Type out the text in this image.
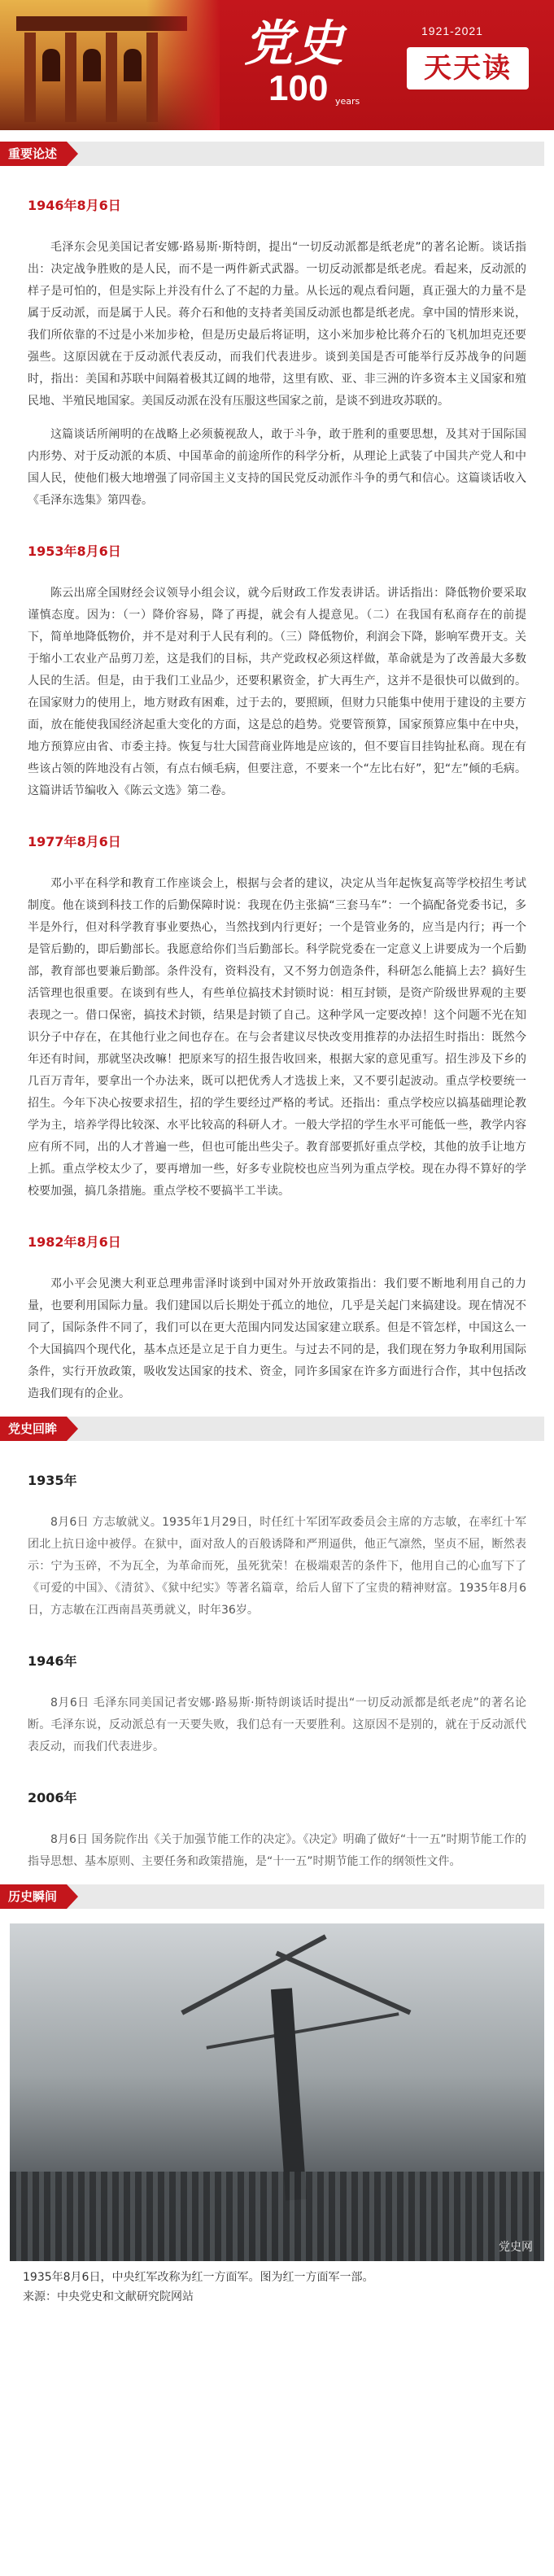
党史
100 years
1921-2021
天天读
重要论述
1946年8月6日

毛泽东会见美国记者安娜·路易斯·斯特朗，提出“一切反动派都是纸老虎”的著名论断。谈话指出：决定战争胜败的是人民，而不是一两件新式武器。一切反动派都是纸老虎。看起来，反动派的样子是可怕的，但是实际上并没有什么了不起的力量。从长远的观点看问题，真正强大的力量不是属于反动派，而是属于人民。蒋介石和他的支持者美国反动派也都是纸老虎。拿中国的情形来说，我们所依靠的不过是小米加步枪，但是历史最后将证明，这小米加步枪比蒋介石的飞机加坦克还要强些。这原因就在于反动派代表反动，而我们代表进步。谈到美国是否可能举行反苏战争的问题时，指出：美国和苏联中间隔着极其辽阔的地带，这里有欧、亚、非三洲的许多资本主义国家和殖民地、半殖民地国家。美国反动派在没有压服这些国家之前，是谈不到进攻苏联的。

这篇谈话所阐明的在战略上必须藐视敌人，敢于斗争，敢于胜利的重要思想，及其对于国际国内形势、对于反动派的本质、中国革命的前途所作的科学分析，从理论上武装了中国共产党人和中国人民，使他们极大地增强了同帝国主义支持的国民党反动派作斗争的勇气和信心。这篇谈话收入《毛泽东选集》第四卷。

1953年8月6日

陈云出席全国财经会议领导小组会议，就今后财政工作发表讲话。讲话指出：降低物价要采取谨慎态度。因为：（一）降价容易，降了再提，就会有人提意见。（二）在我国有私商存在的前提下，简单地降低物价，并不是对利于人民有利的。（三）降低物价，利润会下降，影响军费开支。关于缩小工农业产品剪刀差，这是我们的目标，共产党政权必须这样做，革命就是为了改善最大多数人民的生活。但是，由于我们工业品少，还要积累资金，扩大再生产，这并不是很快可以做到的。在国家财力的使用上，地方财政有困难，过于去的，要照顾，但财力只能集中使用于建设的主要方面，放在能使我国经济起重大变化的方面，这是总的趋势。党要管预算，国家预算应集中在中央，地方预算应由省、市委主持。恢复与壮大国营商业阵地是应该的，但不要盲目挂钩扯私商。现在有些该占领的阵地没有占领，有点右倾毛病，但要注意，不要来一个“左比右好”，犯“左”倾的毛病。这篇讲话节编收入《陈云文选》第二卷。

1977年8月6日

邓小平在科学和教育工作座谈会上，根据与会者的建议，决定从当年起恢复高等学校招生考试制度。他在谈到科技工作的后勤保障时说：我现在仍主张搞“三套马车”：一个搞配备党委书记，多半是外行，但对科学教育事业要热心，当然找到内行更好；一个是管业务的，应当是内行；再一个是管后勤的，即后勤部长。我愿意给你们当后勤部长。科学院党委在一定意义上讲要成为一个后勤部，教育部也要兼后勤部。条件没有，资料没有，又不努力创造条件，科研怎么能搞上去？搞好生活管理也很重要。在谈到有些人，有些单位搞技术封锁时说：相互封锁，是资产阶级世界观的主要表现之一。借口保密，搞技术封锁，结果是封锁了自己。这种学风一定要改掉！这个问题不光在知识分子中存在，在其他行业之间也存在。在与会者建议尽快改变用推荐的办法招生时指出：既然今年还有时间，那就坚决改嘛！把原来写的招生报告收回来，根据大家的意见重写。招生涉及下乡的几百万青年，要拿出一个办法来，既可以把优秀人才选拔上来，又不要引起波动。重点学校要统一招生。今年下决心按要求招生，招的学生要经过严格的考试。还指出：重点学校应以搞基础理论教学为主，培养学得比较深、水平比较高的科研人才。一般大学招的学生水平可能低一些，教学内容应有所不同，出的人才普遍一些，但也可能出些尖子。教育部要抓好重点学校，其他的放手让地方上抓。重点学校太少了，要再增加一些，好多专业院校也应当列为重点学校。现在办得不算好的学校要加强，搞几条措施。重点学校不要搞半工半读。

1982年8月6日

邓小平会见澳大利亚总理弗雷泽时谈到中国对外开放政策指出：我们要不断地利用自己的力量，也要利用国际力量。我们建国以后长期处于孤立的地位，几乎是关起门来搞建设。现在情况不同了，国际条件不同了，我们可以在更大范围内同发达国家建立联系。但是不管怎样，中国这么一个大国搞四个现代化，基本点还是立足于自力更生。与过去不同的是，我们现在努力争取利用国际条件，实行开放政策，吸收发达国家的技术、资金，同许多国家在许多方面进行合作，其中包括改造我们现有的企业。

党史回眸
1935年

8月6日 方志敏就义。1935年1月29日，时任红十军团军政委员会主席的方志敏，在率红十军团北上抗日途中被俘。在狱中，面对敌人的百般诱降和严刑逼供，他正气凛然，坚贞不屈，断然表示：宁为玉碎，不为瓦全，为革命而死，虽死犹荣！在极端艰苦的条件下，他用自己的心血写下了《可爱的中国》、《清贫》、《狱中纪实》等著名篇章，给后人留下了宝贵的精神财富。1935年8月6日，方志敏在江西南昌英勇就义，时年36岁。

1946年

8月6日 毛泽东同美国记者安娜·路易斯·斯特朗谈话时提出“一切反动派都是纸老虎”的著名论断。毛泽东说，反动派总有一天要失败，我们总有一天要胜利。这原因不是别的，就在于反动派代表反动，而我们代表进步。

2006年

8月6日 国务院作出《关于加强节能工作的决定》。《决定》明确了做好“十一五”时期节能工作的指导思想、基本原则、主要任务和政策措施，是“十一五”时期节能工作的纲领性文件。

历史瞬间
党史网
1935年8月6日，中央红军改称为红一方面军。图为红一方面军一部。
来源：中央党史和文献研究院网站
